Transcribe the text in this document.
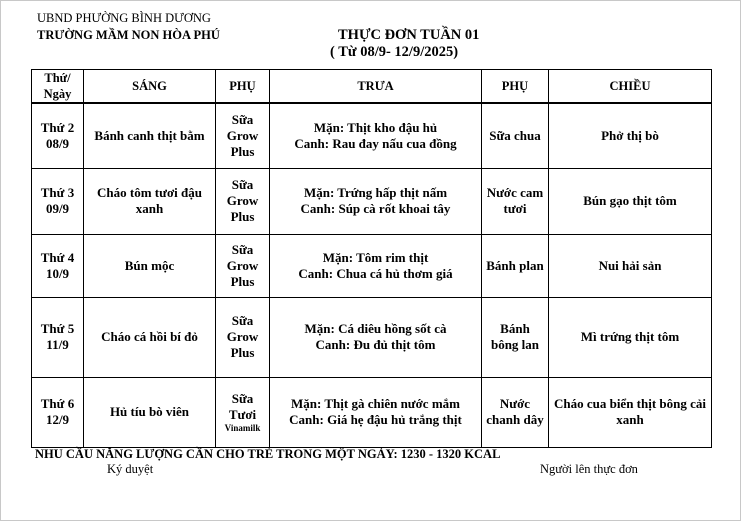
UBND PHƯỜNG BÌNH DƯƠNG
TRƯỜNG MẦM NON HÒA PHÚ	THỰC ĐƠN TUẦN 01
( Từ 08/9- 12/9/2025)
Thứ/
Ngày	SÁNG	PHỤ	TRƯA	PHỤ	CHIỀU

Thứ 2
08/9	Bánh canh thịt bằm	Sữa
Grow
Plus	Mặn: Thịt kho đậu hủ
Canh: Rau đay nấu cua đồng	Sữa chua	Phở thị bò

Thứ 3
09/9	Cháo tôm tươi đậu xanh	Sữa
Grow
Plus	Mặn: Trứng hấp thịt nấm
Canh: Súp cà rốt khoai tây	Nước cam tươi	Bún gạo thịt tôm

Thứ 4
10/9	Bún mộc	Sữa
Grow
Plus	Mặn: Tôm rim thịt
Canh: Chua cá hủ thơm giá	Bánh plan	Nui hải sản

Thứ 5
11/9	Cháo cá hồi bí đỏ	Sữa
Grow
Plus	Mặn: Cá diêu hồng sốt cà
Canh: Đu đủ thịt tôm	Bánh bông lan	Mì trứng thịt tôm

Thứ 6
12/9	Hủ tíu bò viên	Sữa
Tươi
Vinamilk	Mặn: Thịt gà chiên nước mắm
Canh: Giá hẹ đậu hủ trắng thịt	Nước chanh dây	Cháo cua biển thịt bông cải xanh
NHU CẦU NĂNG LƯỢNG CẦN CHO TRẺ TRONG MỘT NGÀY: 1230 - 1320 KCAL
Ký duyệt	Người lên thực đơn
